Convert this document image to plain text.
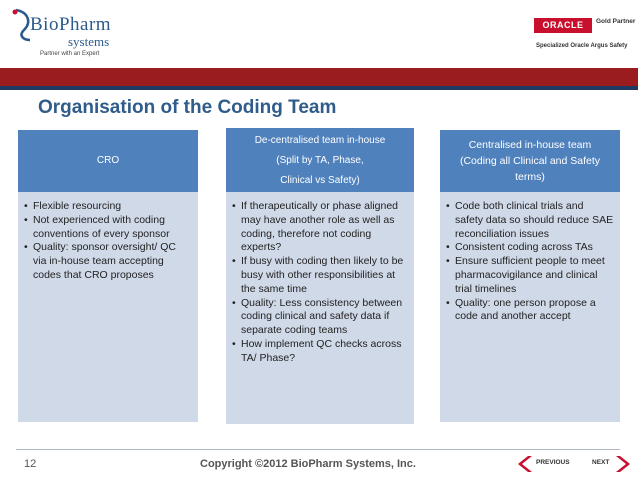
BioPharm
systems
Partner with an Expert
ORACLE	Gold Partner
Specialized Oracle Argus Safety
Organisation of the Coding Team
CRO
• Flexible resourcing
• Not experienced with coding conventions of every sponsor
• Quality: sponsor oversight/ QC via in-house team accepting codes that CRO proposes
De-centralised team in-house
(Split by TA, Phase,
Clinical vs Safety)
• If therapeutically or phase aligned may have another role as well as coding, therefore not coding experts?
• If busy with coding then likely to be busy with other responsibilities at the same time
• Quality: Less consistency between coding clinical and safety data if separate coding teams
• How implement QC checks across TA/ Phase?
Centralised in-house team
(Coding all Clinical and Safety terms)
• Code both clinical trials and safety data so should reduce SAE reconciliation issues
• Consistent coding across TAs
• Ensure sufficient people to meet pharmacovigilance and clinical trial timelines
• Quality: one person propose a code and another accept
12	Copyright ©2012 BioPharm Systems, Inc.	PREVIOUS	NEXT
